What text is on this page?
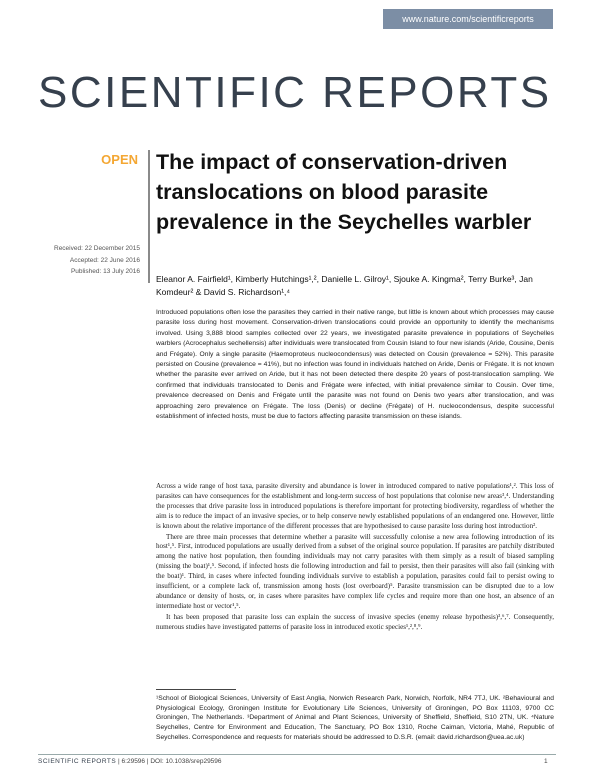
www.nature.com/scientificreports
SCIENTIFIC REPORTS
OPEN The impact of conservation-driven translocations on blood parasite prevalence in the Seychelles warbler
Received: 22 December 2015
Accepted: 22 June 2016
Published: 13 July 2016
Eleanor A. Fairfield¹, Kimberly Hutchings¹,², Danielle L. Gilroy¹, Sjouke A. Kingma², Terry Burke³, Jan Komdeur² & David S. Richardson¹,⁴
Introduced populations often lose the parasites they carried in their native range, but little is known about which processes may cause parasite loss during host movement. Conservation-driven translocations could provide an opportunity to identify the mechanisms involved. Using 3,888 blood samples collected over 22 years, we investigated parasite prevalence in populations of Seychelles warblers (Acrocephalus sechellensis) after individuals were translocated from Cousin Island to four new islands (Aride, Cousine, Denis and Frégate). Only a single parasite (Haemoproteus nucleocondensus) was detected on Cousin (prevalence = 52%). This parasite persisted on Cousine (prevalence = 41%), but no infection was found in individuals hatched on Aride, Denis or Frégate. It is not known whether the parasite ever arrived on Aride, but it has not been detected there despite 20 years of post-translocation sampling. We confirmed that individuals translocated to Denis and Frégate were infected, with initial prevalence similar to Cousin. Over time, prevalence decreased on Denis and Frégate until the parasite was not found on Denis two years after translocation, and was approaching zero prevalence on Frégate. The loss (Denis) or decline (Frégate) of H. nucleocondensus, despite successful establishment of infected hosts, must be due to factors affecting parasite transmission on these islands.

Across a wide range of host taxa, parasite diversity and abundance is lower in introduced compared to native populations¹,². This loss of parasites can have consequences for the establishment and long-term success of host populations that colonise new areas³,⁴. Understanding the processes that drive parasite loss in introduced populations is therefore important for protecting biodiversity, regardless of whether the aim is to reduce the impact of an invasive species, or to help conserve newly established populations of an endangered one. However, little is known about the relative importance of the different processes that are hypothesised to cause parasite loss during host introduction².

There are three main processes that determine whether a parasite will successfully colonise a new area following introduction of its host¹,⁵. First, introduced populations are usually derived from a subset of the original source population. If parasites are patchily distributed among the native host population, then founding individuals may not carry parasites with them simply as a result of biased sampling (missing the boat)¹,⁵. Second, if infected hosts die following introduction and fail to persist, then their parasites will also fail (sinking with the boat)¹. Third, in cases where infected founding individuals survive to establish a population, parasites could fail to persist owing to insufficient, or a complete lack of, transmission among hosts (lost overboard)⁵. Parasite transmission can be disrupted due to a low abundance or density of hosts, or, in cases where parasites have complex life cycles and require more than one host, an absence of an intermediate host or vector¹,⁵.

It has been proposed that parasite loss can explain the success of invasive species (enemy release hypothesis)³,⁶,⁷. Consequently, numerous studies have investigated patterns of parasite loss in introduced exotic species¹,²,⁸,⁹.

¹School of Biological Sciences, University of East Anglia, Norwich Research Park, Norwich, Norfolk, NR4 7TJ, UK. ²Behavioural and Physiological Ecology, Groningen Institute for Evolutionary Life Sciences, University of Groningen, PO Box 11103, 9700 CC Groningen, The Netherlands. ³Department of Animal and Plant Sciences, University of Sheffield, Sheffield, S10 2TN, UK. ⁴Nature Seychelles, Centre for Environment and Education, The Sanctuary, PO Box 1310, Roche Caiman, Victoria, Mahé, Republic of Seychelles. Correspondence and requests for materials should be addressed to D.S.R. (email: david.richardson@uea.ac.uk)
SCIENTIFIC REPORTS | 6:29596 | DOI: 10.1038/srep29596	1
